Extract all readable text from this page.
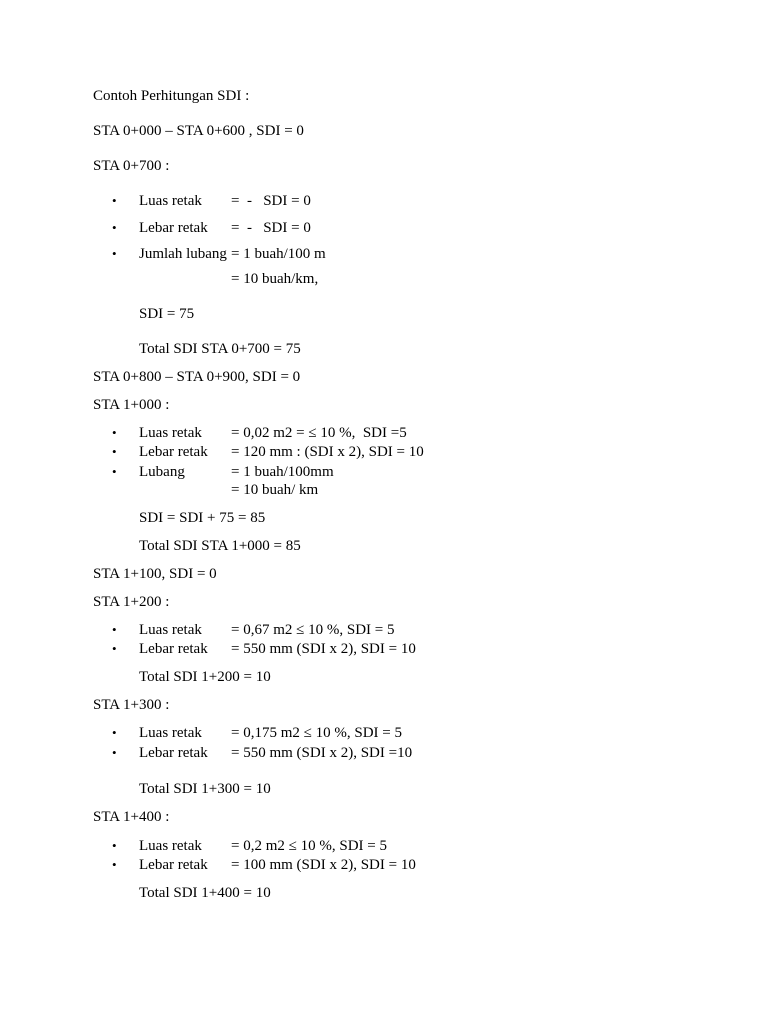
Contoh Perhitungan SDI :
STA 0+000 – STA 0+600 , SDI = 0
STA 0+700 :
• Luas retak =  -   SDI = 0
• Lebar retak =  -   SDI = 0
• Jumlah lubang = 1 buah/100 m
= 10 buah/km,
SDI = 75
Total SDI STA 0+700 = 75
STA 0+800 – STA 0+900, SDI = 0
STA 1+000 :
• Luas retak = 0,02 m2 = ≤ 10 %,  SDI =5
• Lebar retak = 120 mm : (SDI x 2), SDI = 10
• Lubang	= 1 buah/100mm
= 10 buah/ km
SDI = SDI + 75 = 85
Total SDI STA 1+000 = 85
STA 1+100, SDI = 0
STA 1+200 :
• Luas retak = 0,67 m2 ≤ 10 %, SDI = 5
• Lebar retak = 550 mm (SDI x 2), SDI = 10
Total SDI 1+200 = 10
STA 1+300 :
• Luas retak = 0,175 m2 ≤ 10 %, SDI = 5
• Lebar retak = 550 mm (SDI x 2), SDI =10
Total SDI 1+300 = 10
STA 1+400 :
• Luas retak = 0,2 m2 ≤ 10 %, SDI = 5
• Lebar retak = 100 mm (SDI x 2), SDI = 10
Total SDI 1+400 = 10
